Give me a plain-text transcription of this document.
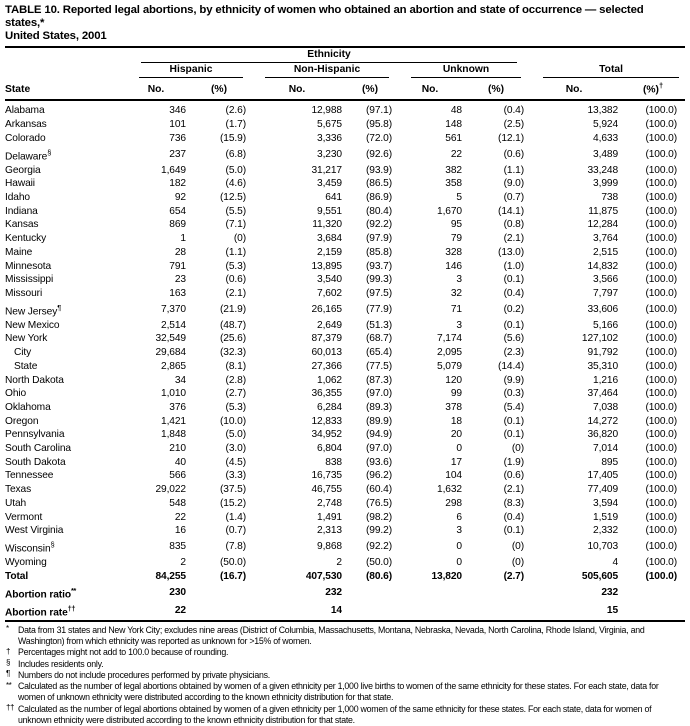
TABLE 10. Reported legal abortions, by ethnicity of women who obtained an abortion and state of occurrence — selected states,*
United States, 2001

	Ethnicity							

	Hispanic		Non-Hispanic		Unknown		Total	

State	No.	(%)	No.	(%)	No.	(%)	No.	(%)†
Alabama	346	(2.6)	12,988	(97.1)	48	(0.4)	13,382	(100.0)
Arkansas	101	(1.7)	5,675	(95.8)	148	(2.5)	5,924	(100.0)
Colorado	736	(15.9)	3,336	(72.0)	561	(12.1)	4,633	(100.0)
Delaware§	237	(6.8)	3,230	(92.6)	22	(0.6)	3,489	(100.0)
Georgia	1,649	(5.0)	31,217	(93.9)	382	(1.1)	33,248	(100.0)
Hawaii	182	(4.6)	3,459	(86.5)	358	(9.0)	3,999	(100.0)
Idaho	92	(12.5)	641	(86.9)	5	(0.7)	738	(100.0)
Indiana	654	(5.5)	9,551	(80.4)	1,670	(14.1)	11,875	(100.0)
Kansas	869	(7.1)	11,320	(92.2)	95	(0.8)	12,284	(100.0)
Kentucky	1	(0)	3,684	(97.9)	79	(2.1)	3,764	(100.0)
Maine	28	(1.1)	2,159	(85.8)	328	(13.0)	2,515	(100.0)
Minnesota	791	(5.3)	13,895	(93.7)	146	(1.0)	14,832	(100.0)
Mississippi	23	(0.6)	3,540	(99.3)	3	(0.1)	3,566	(100.0)
Missouri	163	(2.1)	7,602	(97.5)	32	(0.4)	7,797	(100.0)
New Jersey¶	7,370	(21.9)	26,165	(77.9)	71	(0.2)	33,606	(100.0)
New Mexico	2,514	(48.7)	2,649	(51.3)	3	(0.1)	5,166	(100.0)
New York	32,549	(25.6)	87,379	(68.7)	7,174	(5.6)	127,102	(100.0)
City	29,684	(32.3)	60,013	(65.4)	2,095	(2.3)	91,792	(100.0)
State	2,865	(8.1)	27,366	(77.5)	5,079	(14.4)	35,310	(100.0)
North Dakota	34	(2.8)	1,062	(87.3)	120	(9.9)	1,216	(100.0)
Ohio	1,010	(2.7)	36,355	(97.0)	99	(0.3)	37,464	(100.0)
Oklahoma	376	(5.3)	6,284	(89.3)	378	(5.4)	7,038	(100.0)
Oregon	1,421	(10.0)	12,833	(89.9)	18	(0.1)	14,272	(100.0)
Pennsylvania	1,848	(5.0)	34,952	(94.9)	20	(0.1)	36,820	(100.0)
South Carolina	210	(3.0)	6,804	(97.0)	0	(0)	7,014	(100.0)
South Dakota	40	(4.5)	838	(93.6)	17	(1.9)	895	(100.0)
Tennessee	566	(3.3)	16,735	(96.2)	104	(0.6)	17,405	(100.0)
Texas	29,022	(37.5)	46,755	(60.4)	1,632	(2.1)	77,409	(100.0)
Utah	548	(15.2)	2,748	(76.5)	298	(8.3)	3,594	(100.0)
Vermont	22	(1.4)	1,491	(98.2)	6	(0.4)	1,519	(100.0)
West Virginia	16	(0.7)	2,313	(99.2)	3	(0.1)	2,332	(100.0)
Wisconsin§	835	(7.8)	9,868	(92.2)	0	(0)	10,703	(100.0)
Wyoming	2	(50.0)	2	(50.0)	0	(0)	4	(100.0)
Total	84,255	(16.7)	407,530	(80.6)	13,820	(2.7)	505,605	(100.0)
Abortion ratio**	230		232				232	
Abortion rate††	22		14				15	
* Data from 31 states and New York City; excludes nine areas (District of Columbia, Massachusetts, Montana, Nebraska, Nevada, North Carolina, Rhode Island, Virginia, and Washington) from which ethnicity was reported as unknown for >15% of women.
† Percentages might not add to 100.0 because of rounding.
§ Includes residents only.
¶ Numbers do not include procedures performed by private physicians.
** Calculated as the number of legal abortions obtained by women of a given ethnicity per 1,000 live births to women of the same ethnicity for these states. For each state, data for women of unknown ethnicity were distributed according to the known ethnicity distribution for that state.
†† Calculated as the number of legal abortions obtained by women of a given ethnicity per 1,000 women of the same ethnicity for these states. For each state, data for women of unknown ethnicity were distributed according to the known ethnicity distribution for that state.
